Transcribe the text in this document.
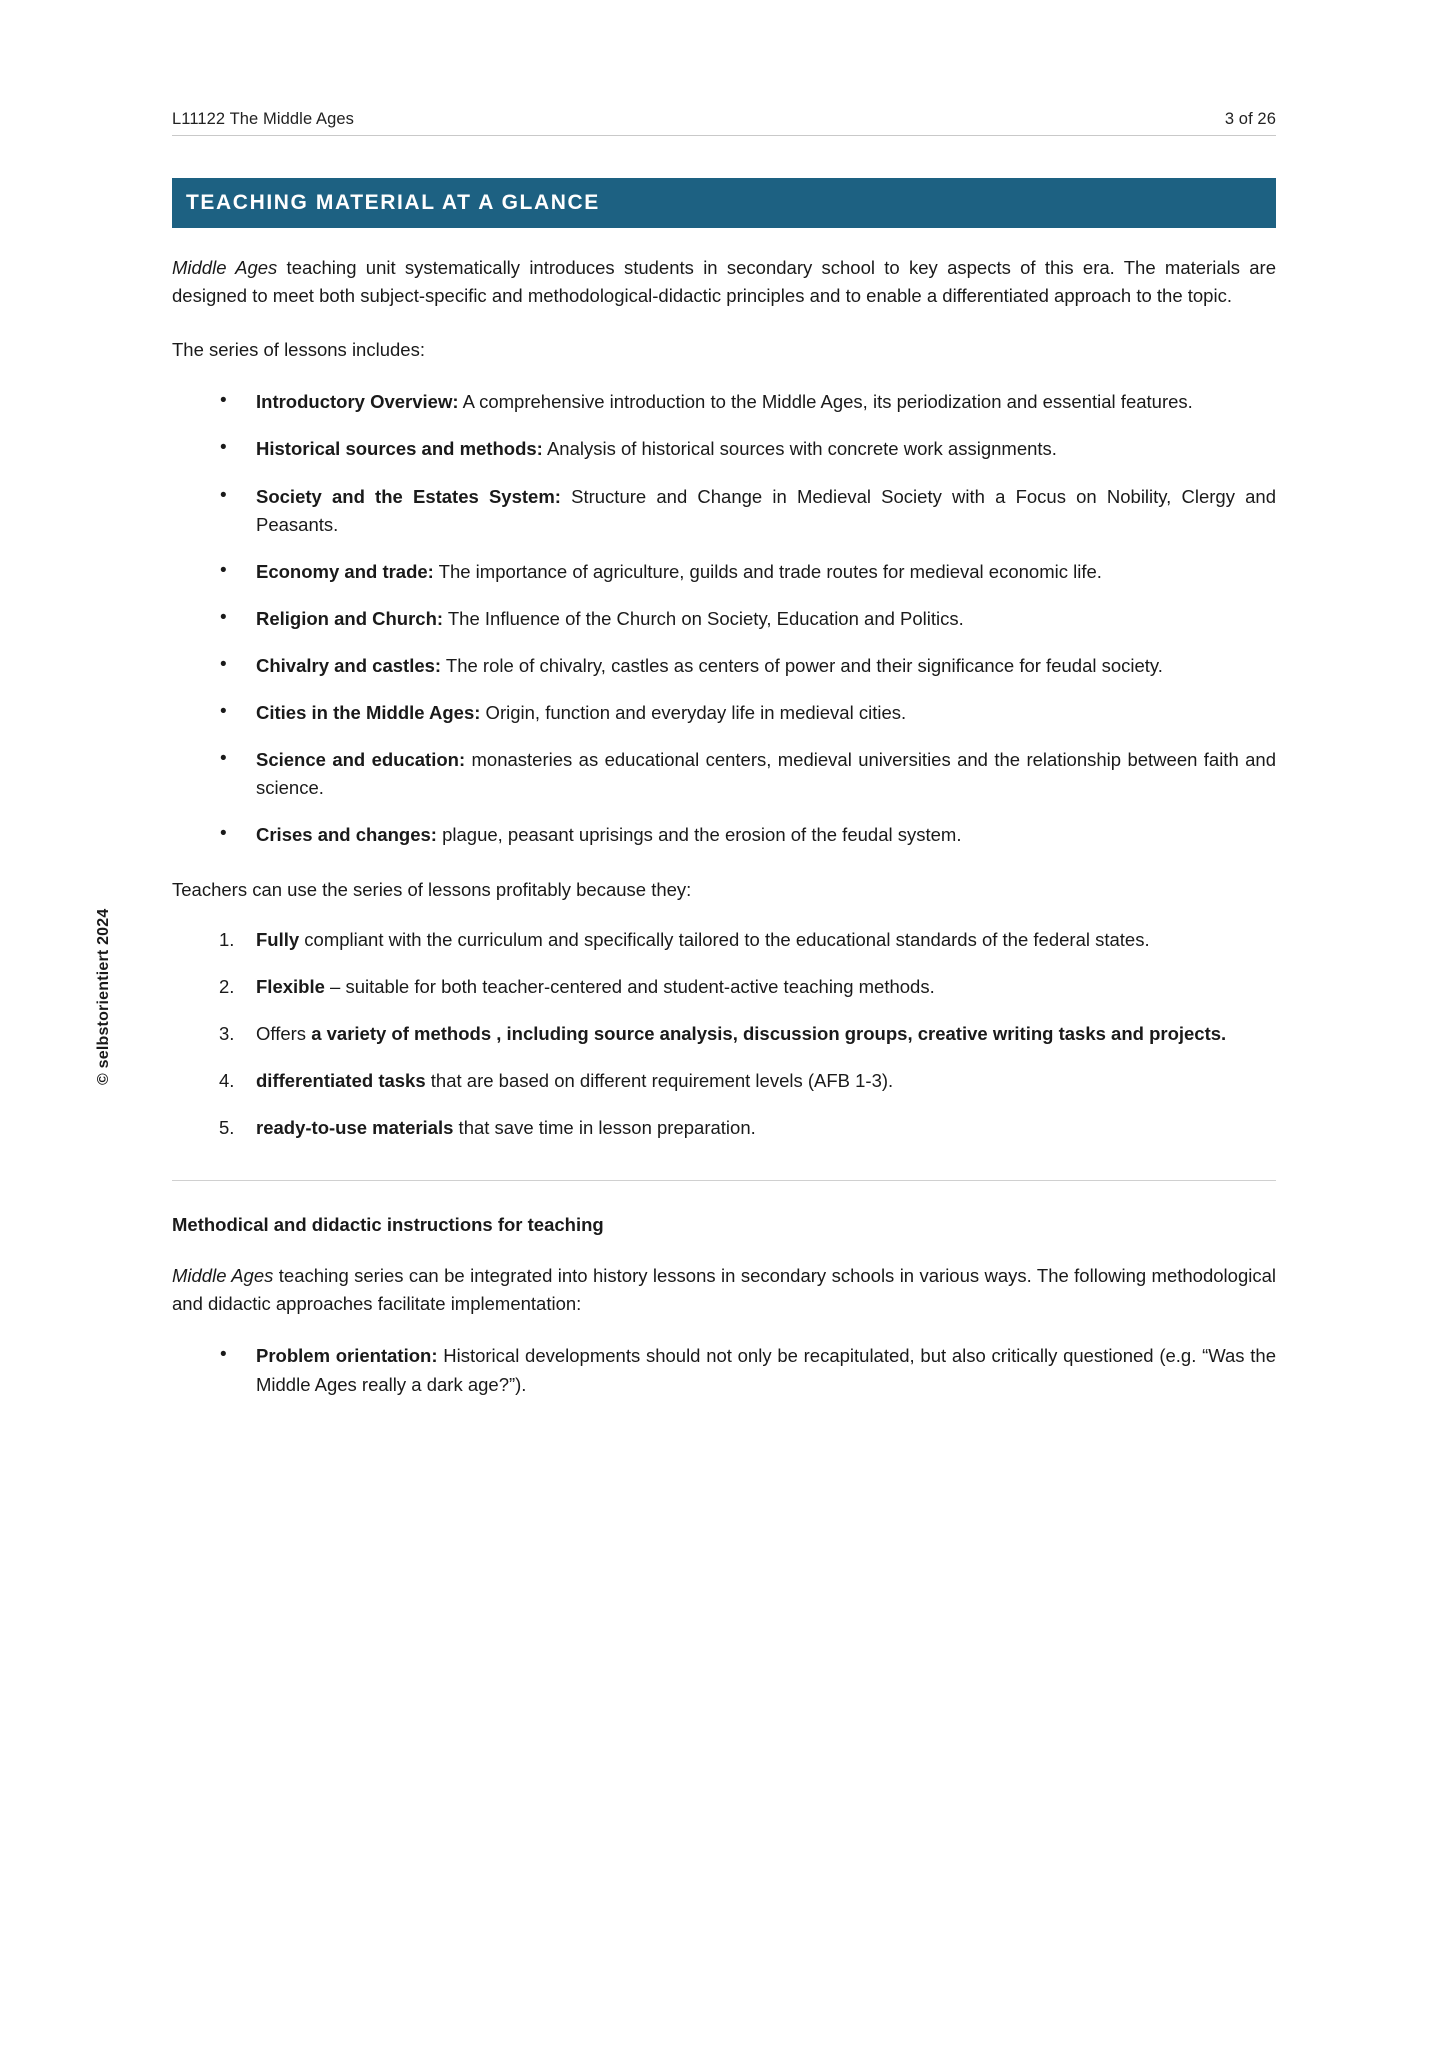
L11122 The Middle Ages	3 of 26
© selbstorientiert 2024
TEACHING MATERIAL AT A GLANCE

Middle Ages teaching unit systematically introduces students in secondary school to key aspects of this era. The materials are designed to meet both subject-specific and methodological-didactic principles and to enable a differentiated approach to the topic.

The series of lessons includes:

• Introductory Overview: A comprehensive introduction to the Middle Ages, its periodization and essential features.
• Historical sources and methods: Analysis of historical sources with concrete work assignments.
• Society and the Estates System: Structure and Change in Medieval Society with a Focus on Nobility, Clergy and Peasants.
• Economy and trade: The importance of agriculture, guilds and trade routes for medieval economic life.
• Religion and Church: The Influence of the Church on Society, Education and Politics.
• Chivalry and castles: The role of chivalry, castles as centers of power and their significance for feudal society.
• Cities in the Middle Ages: Origin, function and everyday life in medieval cities.
• Science and education: monasteries as educational centers, medieval universities and the relationship between faith and science.
• Crises and changes: plague, peasant uprisings and the erosion of the feudal system.

Teachers can use the series of lessons profitably because they:

Fully compliant with the curriculum and specifically tailored to the educational standards of the federal states.
Flexible – suitable for both teacher-centered and student-active teaching methods.
Offers a variety of methods , including source analysis, discussion groups, creative writing tasks and projects.
differentiated tasks that are based on different requirement levels (AFB 1-3).
ready-to-use materials that save time in lesson preparation.
Methodical and didactic instructions for teaching

Middle Ages teaching series can be integrated into history lessons in secondary schools in various ways. The following methodological and didactic approaches facilitate implementation:

• Problem orientation: Historical developments should not only be recapitulated, but also critically questioned (e.g. “Was the Middle Ages really a dark age?”).
